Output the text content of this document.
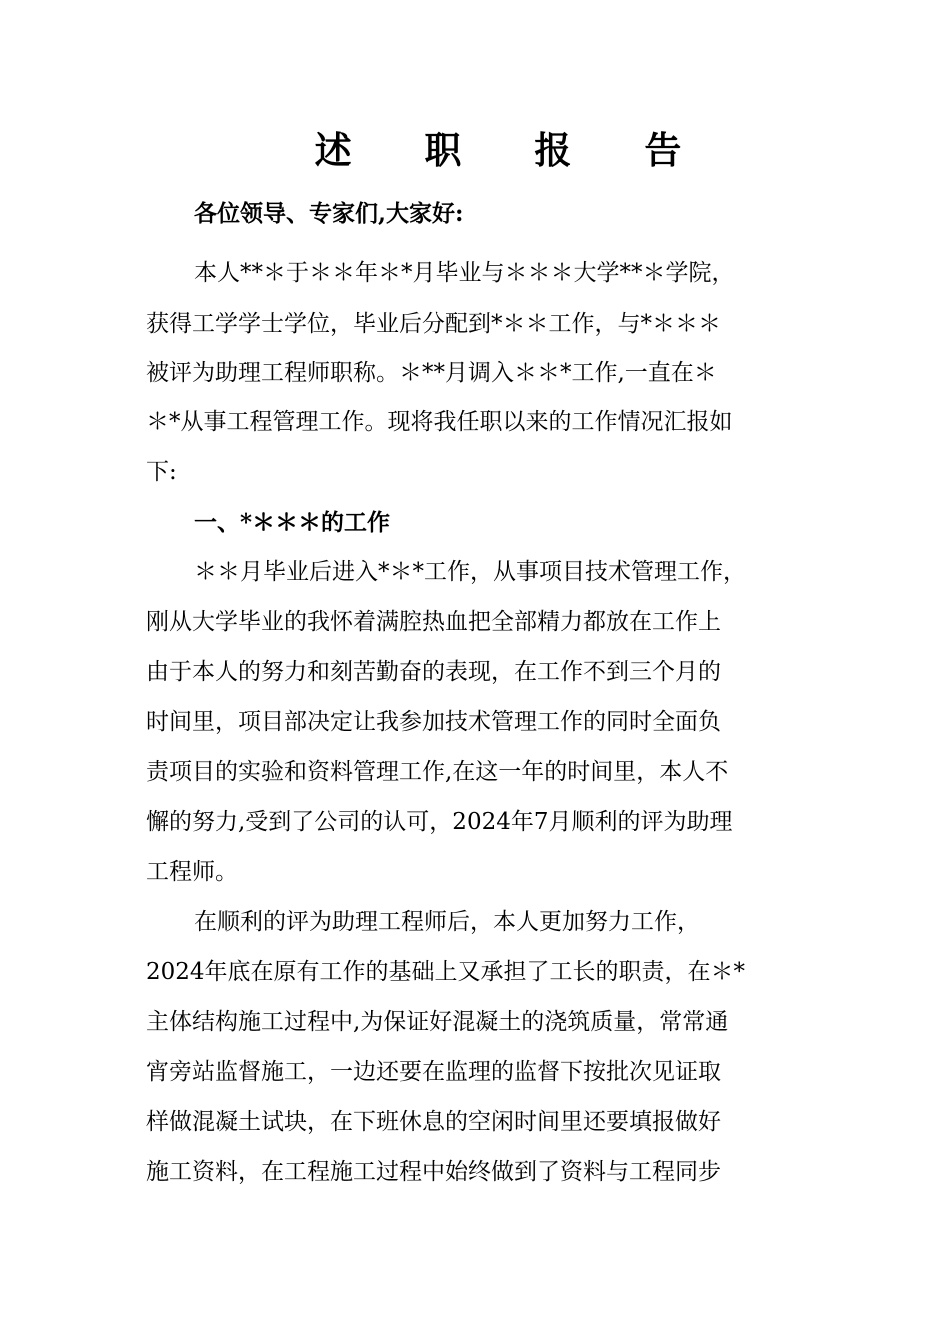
述 职 报 告
各位领导、专家们,大家好:
本人**＊于＊＊年＊*月毕业与＊＊＊大学**＊学院，
获得工学学士学位，毕业后分配到*＊＊工作，与*＊＊＊
被评为助理工程师职称。＊**月调入＊＊*工作,一直在＊
＊*从事工程管理工作。现将我任职以来的工作情况汇报如
下:
一、*＊＊＊的工作
＊＊月毕业后进入*＊*工作，从事项目技术管理工作，
刚从大学毕业的我怀着满腔热血把全部精力都放在工作上
由于本人的努力和刻苦勤奋的表现，在工作不到三个月的
时间里，项目部决定让我参加技术管理工作的同时全面负
责项目的实验和资料管理工作,在这一年的时间里，本人不
懈的努力,受到了公司的认可，2024年7月顺利的评为助理
工程师。
在顺利的评为助理工程师后，本人更加努力工作，
2024年底在原有工作的基础上又承担了工长的职责，在＊*
主体结构施工过程中,为保证好混凝土的浇筑质量，常常通
宵旁站监督施工，一边还要在监理的监督下按批次见证取
样做混凝土试块，在下班休息的空闲时间里还要填报做好
施工资料，在工程施工过程中始终做到了资料与工程同步
